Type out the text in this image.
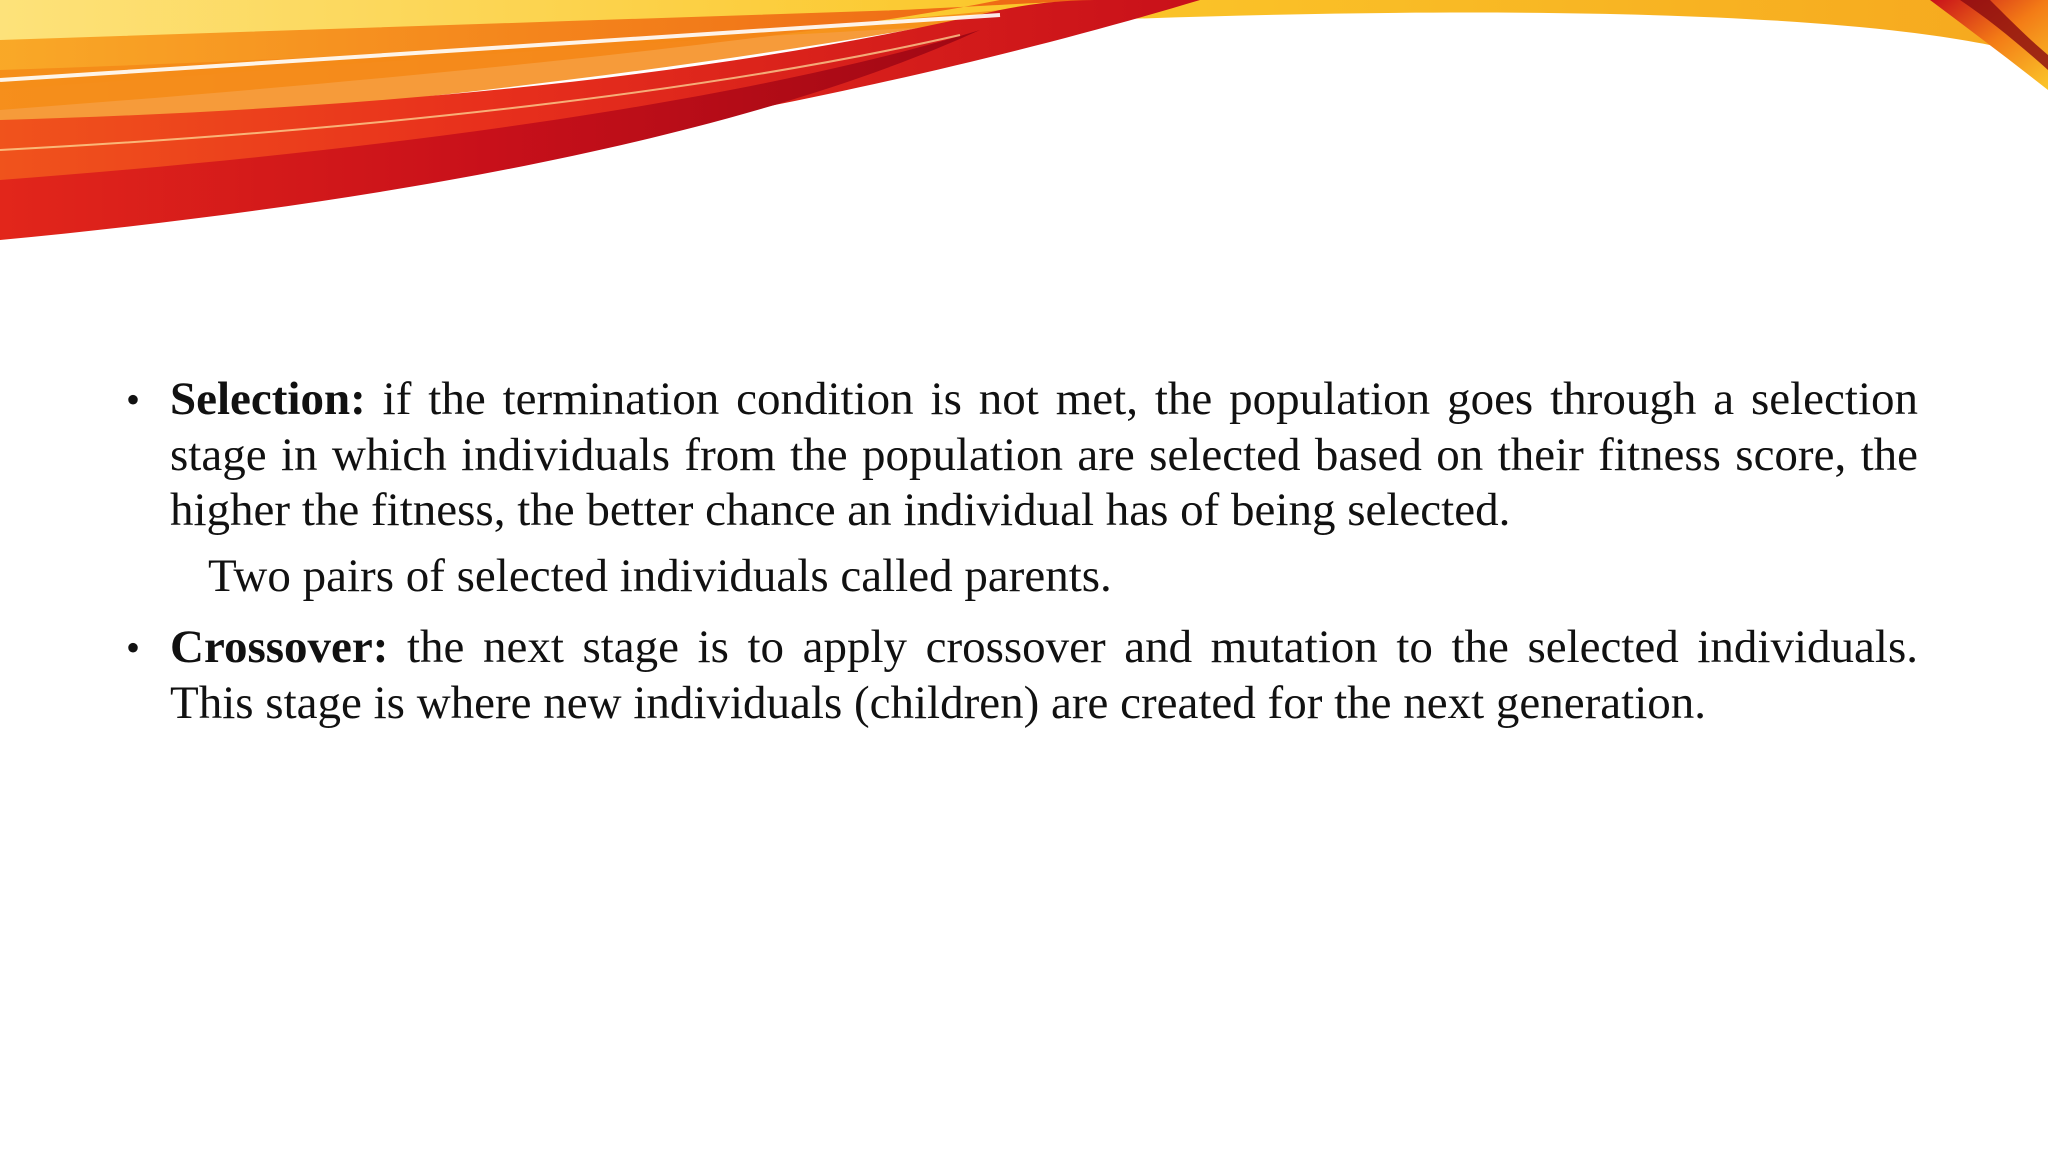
• Selection: if the termination condition is not met, the population goes through a selection stage in which individuals from the population are selected based on their fitness score, the higher the fitness, the better chance an individual has of being selected.

Two pairs of selected individuals called parents.

• Crossover: the next stage is to apply crossover and mutation to the selected individuals. This stage is where new individuals (children) are created for the next generation.
